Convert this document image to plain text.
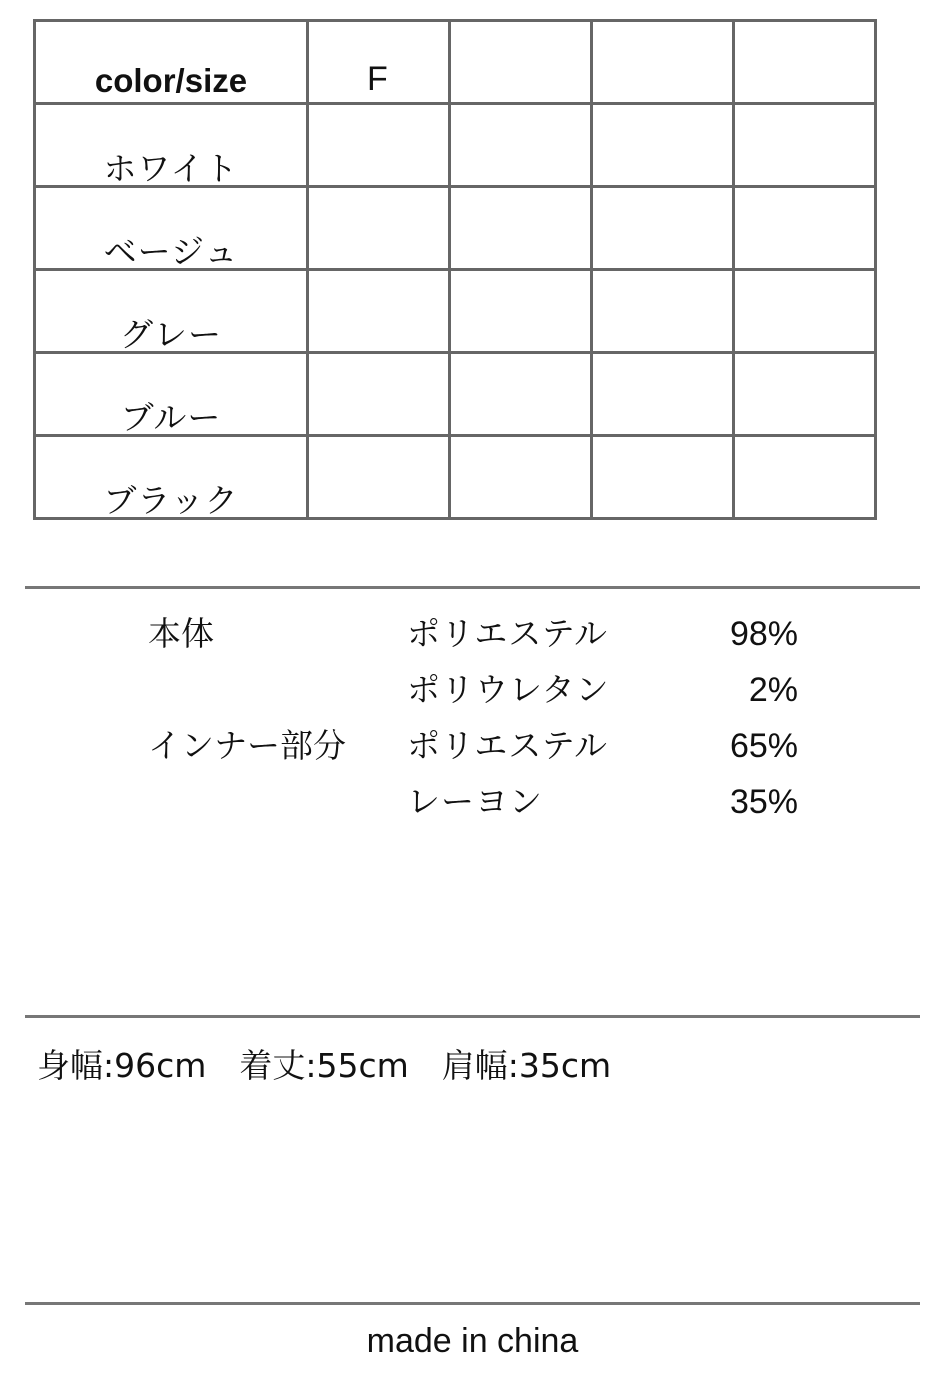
color/size	F			
ホワイト				
ベージュ				
グレー				
ブルー				
ブラック				
本体	ポリエステル	98%
ポリウレタン	2%
インナー部分 ポリエステル	65%
レーヨン	35%
身幅:96cm　着丈:55cm　肩幅:35cm
made in china
